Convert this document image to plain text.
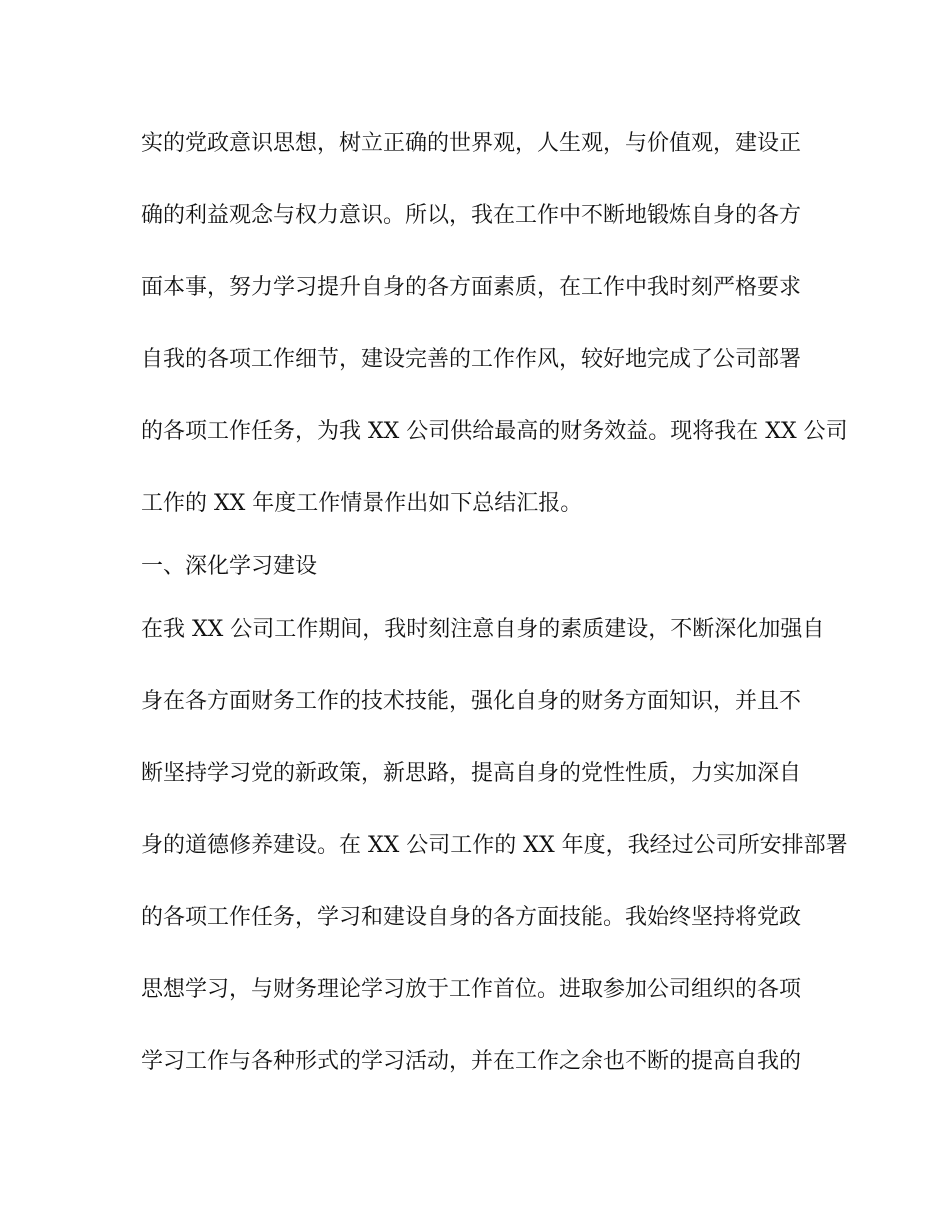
实的党政意识思想，树立正确的世界观，人生观，与价值观，建设正
确的利益观念与权力意识。所以，我在工作中不断地锻炼自身的各方
面本事，努力学习提升自身的各方面素质，在工作中我时刻严格要求
自我的各项工作细节，建设完善的工作作风，较好地完成了公司部署
的各项工作任务，为我 XX 公司供给最高的财务效益。现将我在 XX 公司
工作的 XX 年度工作情景作出如下总结汇报。
一、深化学习建设
在我 XX 公司工作期间，我时刻注意自身的素质建设，不断深化加强自
身在各方面财务工作的技术技能，强化自身的财务方面知识，并且不
断坚持学习党的新政策，新思路，提高自身的党性性质，力实加深自
身的道德修养建设。在 XX 公司工作的 XX 年度，我经过公司所安排部署
的各项工作任务，学习和建设自身的各方面技能。我始终坚持将党政
思想学习，与财务理论学习放于工作首位。进取参加公司组织的各项
学习工作与各种形式的学习活动，并在工作之余也不断的提高自我的
